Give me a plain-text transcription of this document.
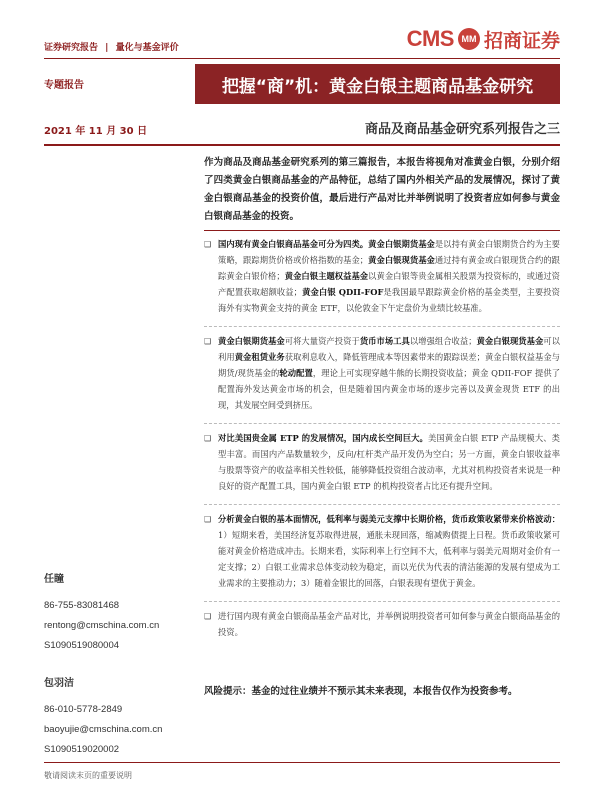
证券研究报告 | 量化与基金评价	CMS MM 招商证券
专题报告	把握“商”机：黄金白银主题商品基金研究
2021 年 11 月 30 日	商品及商品基金研究系列报告之三
作为商品及商品基金研究系列的第三篇报告，本报告将视角对准黄金白银，分别介绍了四类黄金白银商品基金的产品特征，总结了国内外相关产品的发展情况，探讨了黄金白银商品基金的投资价值，最后进行产品对比并举例说明了投资者应如何参与黄金白银商品基金的投资。
❑ 国内现有黄金白银商品基金可分为四类。黄金白银期货基金是以持有黄金白银期货合约为主要策略，跟踪期货价格或价格指数的基金；黄金白银现货基金通过持有黄金或白银现货合约的跟踪黄金白银价格；黄金白银主题权益基金以黄金白银等贵金属相关股票为投资标的，或通过资产配置获取超额收益；黄金白银 QDII-FOF是我国最早跟踪黄金价格的基金类型，主要投资海外有实物黄金支持的黄金 ETF，以伦敦金下午定盘价为业绩比较基准。
❑ 黄金白银期货基金可将大量资产投资于货币市场工具以增强组合收益；黄金白银现货基金可以利用黄金租赁业务获取利息收入，降低管理成本等因素带来的跟踪误差；黄金白银权益基金与期货/现货基金的轮动配置，理论上可实现穿越牛熊的长期投资收益；黄金 QDII-FOF 提供了配置海外发达黄金市场的机会，但是随着国内黄金市场的逐步完善以及黄金现货 ETF 的出现，其发展空间受到挤压。
❑ 对比美国贵金属 ETP 的发展情况，国内成长空间巨大。美国黄金白银 ETP 产品规模大、类型丰富。而国内产品数量较少，反向/杠杆类产品开发仍为空白；另一方面，黄金白银收益率与股票等资产的收益率相关性较低，能够降低投资组合波动率，尤其对机构投资者来说是一种良好的资产配置工具，国内黄金白银 ETP 的机构投资者占比还有提升空间。
❑ 分析黄金白银的基本面情况，低利率与弱美元支撑中长期价格，货币政策收紧带来价格波动：1）短期来看，美国经济复苏取得进展，通胀未现回落，缩减购债提上日程。货币政策收紧可能对黄金价格造成冲击。长期来看，实际利率上行空间不大，低利率与弱美元周期对金价有一定支撑；2）白银工业需求总体变动较为稳定，而以光伏为代表的清洁能源的发展有望成为工业需求的主要推动力；3）随着金银比的回落，白银表现有望优于黄金。
❑ 进行国内现有黄金白银商品基金产品对比，并举例说明投资者可如何参与黄金白银商品基金的投资。
任瞳
86-755-83081468
rentong@cmschina.com.cn
S1090519080004
包羽洁
86-010-5778-2849
baoyujie@cmschina.com.cn
S1090519020002
风险提示：基金的过往业绩并不预示其未来表现，本报告仅作为投资参考。
敬请阅读末页的重要说明
